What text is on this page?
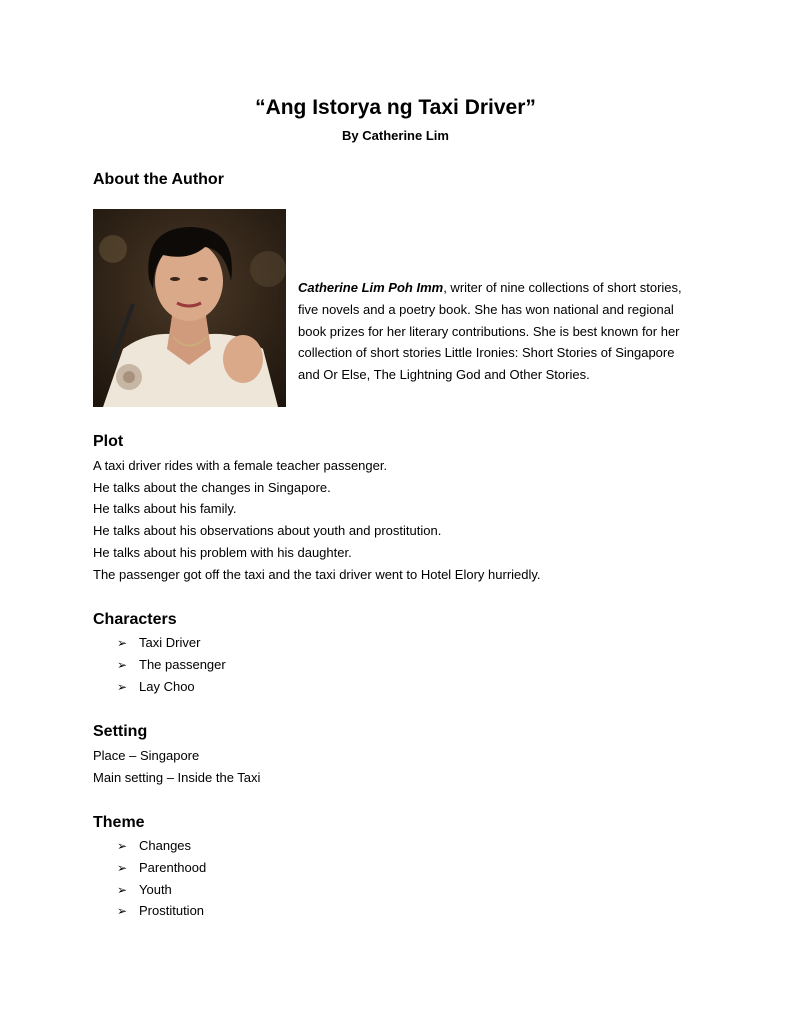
“Ang Istorya ng Taxi Driver”
By Catherine Lim
About the Author
Catherine Lim Poh Imm, writer of nine collections of short stories, five novels and a poetry book. She has won national and regional book prizes for her literary contributions. She is best known for her collection of short stories Little Ironies: Short Stories of Singapore and Or Else, The Lightning God and Other Stories.
Plot
A taxi driver rides with a female teacher passenger.
He talks about the changes in Singapore.
He talks about his family.
He talks about his observations about youth and prostitution.
He talks about his problem with his daughter.
The passenger got off the taxi and the taxi driver went to Hotel Elory hurriedly.
Characters
➢ Taxi Driver
➢ The passenger
➢ Lay Choo
Setting
Place – Singapore
Main setting – Inside the Taxi
Theme
➢ Changes
➢ Parenthood
➢ Youth
➢ Prostitution
